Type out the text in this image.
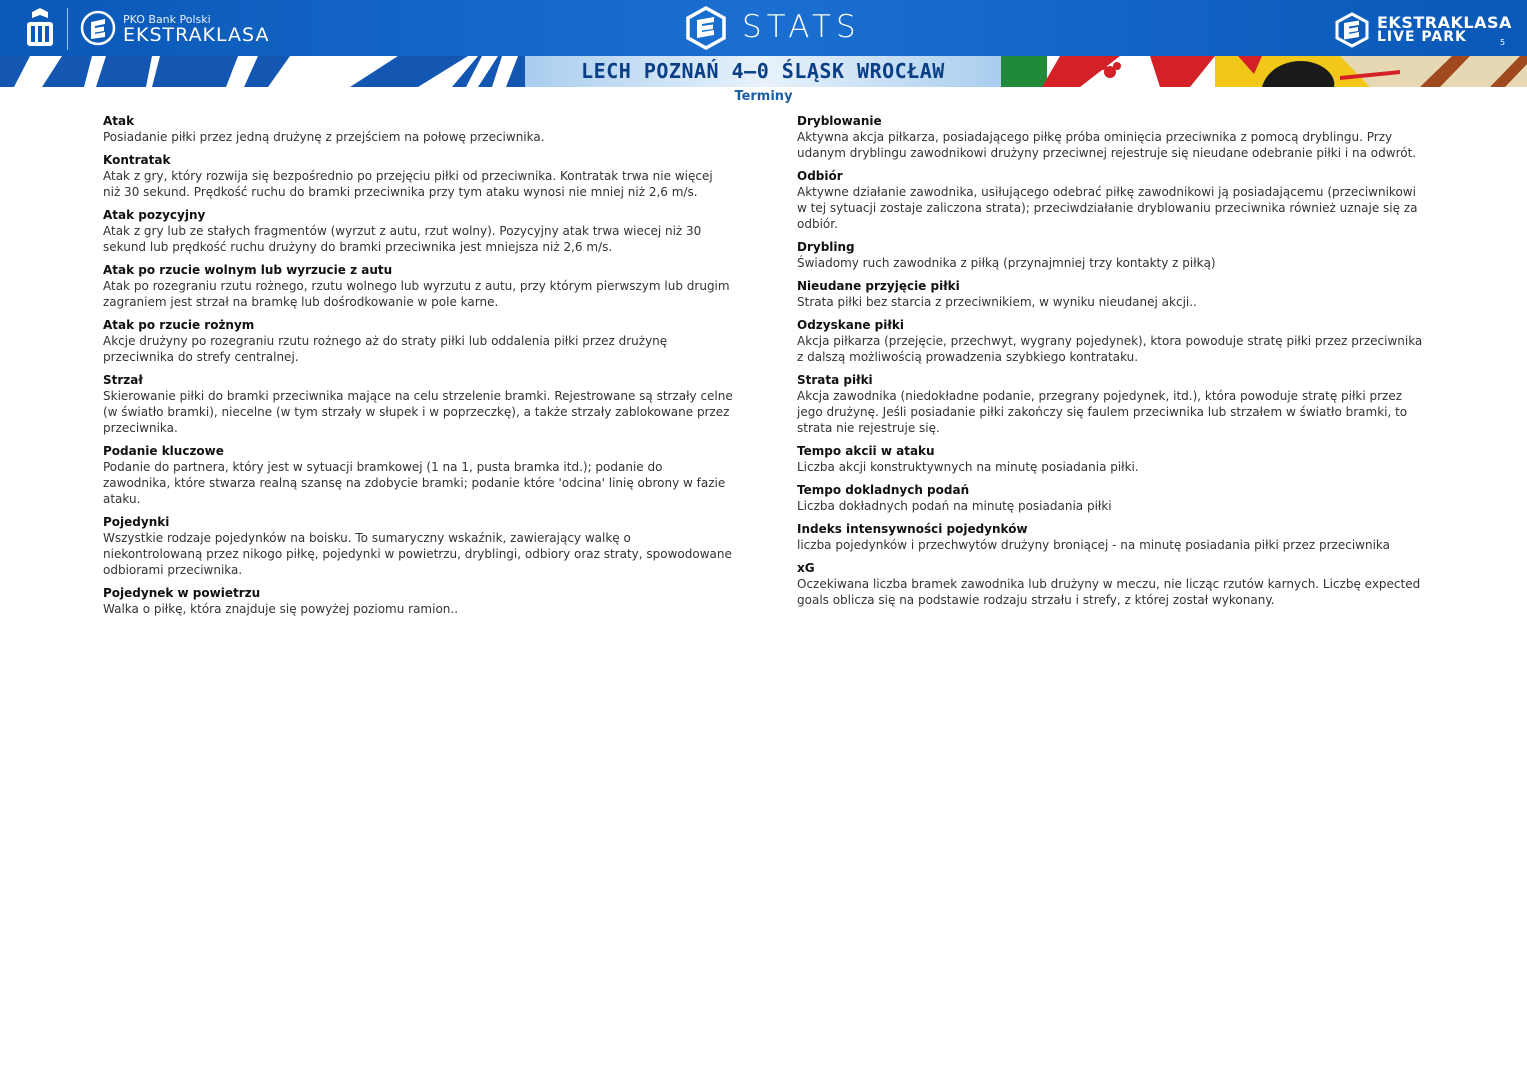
PKO Bank Polski
EKSTRAKLASA	STATS	EKSTRAKLASA
LIVE PARK	5
LECH POZNAŃ 4–0 ŚLĄSK WROCŁAW
Terminy
Atak
Posiadanie piłki przez jedną drużynę z przejściem na połowę przeciwnika.
Kontratak
Atak z gry, który rozwija się bezpośrednio po przejęciu piłki od przeciwnika. Kontratak trwa nie więcej niż 30 sekund. Prędkość ruchu do bramki przeciwnika przy tym ataku wynosi nie mniej niż 2,6 m/s.
Atak pozycyjny
Atak z gry lub ze stałych fragmentów (wyrzut z autu, rzut wolny). Pozycyjny atak trwa wiecej niż 30 sekund lub prędkość ruchu drużyny do bramki przeciwnika jest mniejsza niż 2,6 m/s.
Atak po rzucie wolnym lub wyrzucie z autu
Atak po rozegraniu rzutu rożnego, rzutu wolnego lub wyrzutu z autu, przy którym pierwszym lub drugim zagraniem jest strzał na bramkę lub dośrodkowanie w pole karne.
Atak po rzucie rożnym
Akcje drużyny po rozegraniu rzutu rożnego aż do straty piłki lub oddalenia piłki przez drużynę przeciwnika do strefy centralnej.
Strzał
Skierowanie piłki do bramki przeciwnika mające na celu strzelenie bramki. Rejestrowane są strzały celne (w światło bramki), niecelne (w tym strzały w słupek i w poprzeczkę), a także strzały zablokowane przez przeciwnika.
Podanie kluczowe
Podanie do partnera, który jest w sytuacji bramkowej (1 na 1, pusta bramka itd.); podanie do zawodnika, które stwarza realną szansę na zdobycie bramki; podanie które 'odcina' linię obrony w fazie ataku.
Pojedynki
Wszystkie rodzaje pojedynków na boisku. To sumaryczny wskaźnik, zawierający walkę o niekontrolowaną przez nikogo piłkę, pojedynki w powietrzu, dryblingi, odbiory oraz straty, spowodowane odbiorami przeciwnika.
Pojedynek w powietrzu
Walka o piłkę, która znajduje się powyżej poziomu ramion..
Dryblowanie
Aktywna akcja piłkarza, posiadającego piłkę próba ominięcia przeciwnika z pomocą dryblingu. Przy udanym dryblingu zawodnikowi drużyny przeciwnej rejestruje się nieudane odebranie piłki i na odwrót.
Odbiór
Aktywne działanie zawodnika, usiłującego odebrać piłkę zawodnikowi ją posiadającemu (przeciwnikowi w tej sytuacji zostaje zaliczona strata); przeciwdziałanie dryblowaniu przeciwnika również uznaje się za odbiór.
Drybling
Świadomy ruch zawodnika z piłką (przynajmniej trzy kontakty z piłką)
Nieudane przyjęcie piłki
Strata piłki bez starcia z przeciwnikiem, w wyniku nieudanej akcji..
Odzyskane piłki
Akcja piłkarza (przejęcie, przechwyt, wygrany pojedynek), ktora powoduje stratę piłki przez przeciwnika z dalszą możliwością prowadzenia szybkiego kontrataku.
Strata piłki
Akcja zawodnika (niedokładne podanie, przegrany pojedynek, itd.), która powoduje stratę piłki przez jego drużynę. Jeśli posiadanie piłki zakończy się faulem przeciwnika lub strzałem w światło bramki, to strata nie rejestruje się.
Tempo akcii w ataku
Liczba akcji konstruktywnych na minutę posiadania piłki.
Tempo dokladnych podań
Liczba dokładnych podań na minutę posiadania piłki
Indeks intensywności pojedynków
liczba pojedynków i przechwytów drużyny broniącej - na minutę posiadania piłki przez przeciwnika
xG
Oczekiwana liczba bramek zawodnika lub drużyny w meczu, nie licząc rzutów karnych. Liczbę expected goals oblicza się na podstawie rodzaju strzału i strefy, z której został wykonany.
